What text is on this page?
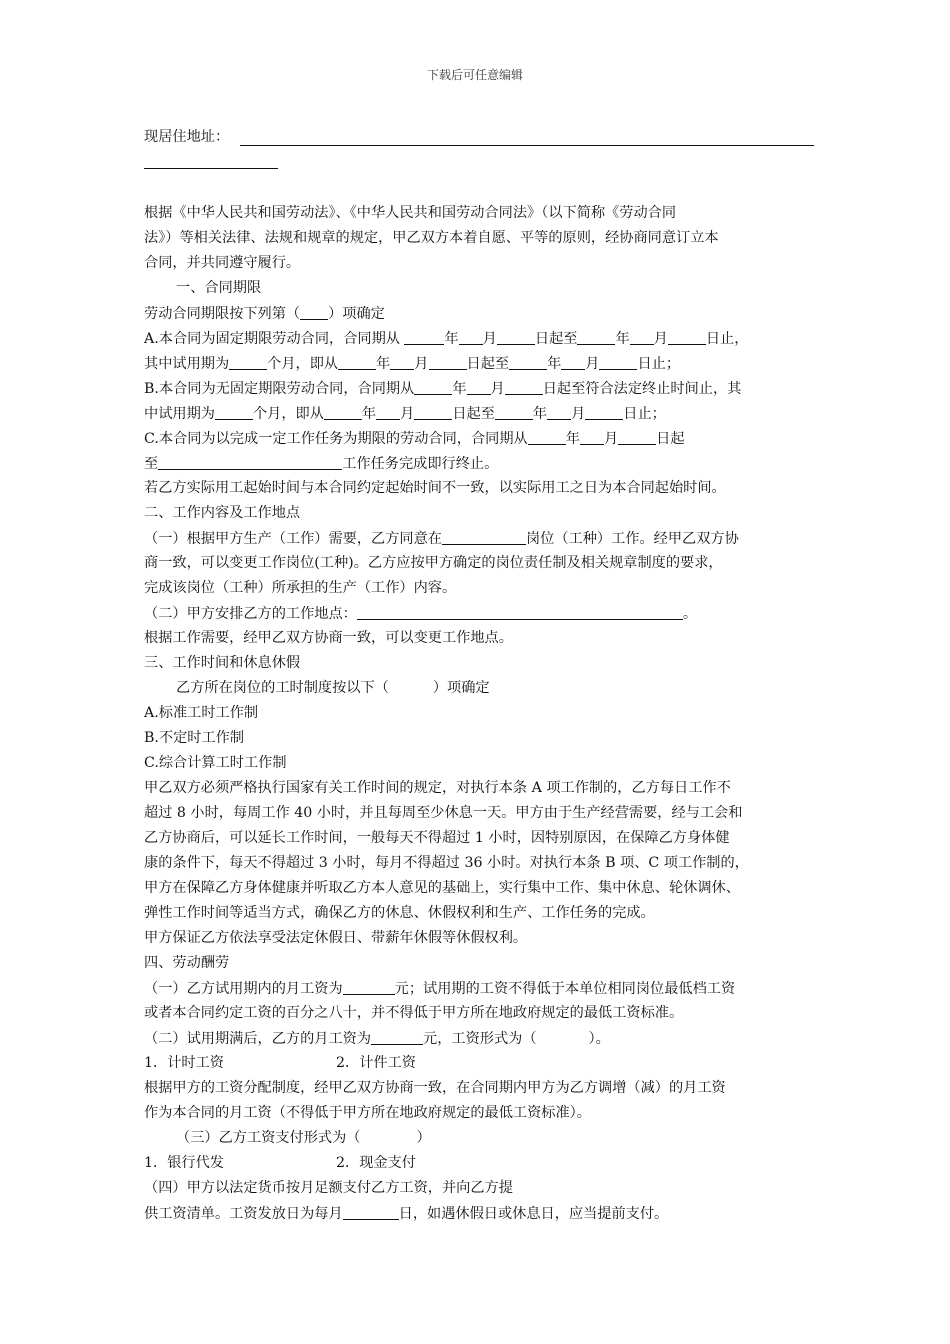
下载后可任意编辑
现居住地址：
根据《中华人民共和国劳动法》、《中华人民共和国劳动合同法》（以下简称《劳动合同
法》）等相关法律、法规和规章的规定，甲乙双方本着自愿、平等的原则，经协商同意订立本
合同，并共同遵守履行。
一、合同期限
劳动合同期限按下列第（ ）项确定
A.本合同为固定期限劳动合同，合同期从	年 月	日起至	年 月	日止，
其中试用期为	个月，即从	年 月	日起至	年 月	日止；
B.本合同为无固定期限劳动合同，合同期从	年 月	日起至符合法定终止时间止，其
中试用期为	个月，即从	年 月	日起至	年 月	日止；
C.本合同为以完成一定工作任务为期限的劳动合同，合同期从	年 月	日起
至	工作任务完成即行终止。
若乙方实际用工起始时间与本合同约定起始时间不一致，以实际用工之日为本合同起始时间。
二、工作内容及工作地点
（一）根据甲方生产（工作）需要，乙方同意在	岗位（工种）工作。经甲乙双方协
商一致，可以变更工作岗位(工种)。乙方应按甲方确定的岗位责任制及相关规章制度的要求，
完成该岗位（工种）所承担的生产（工作）内容。
（二）甲方安排乙方的工作地点：	。
根据工作需要，经甲乙双方协商一致，可以变更工作地点。
三、工作时间和休息休假
乙方所在岗位的工时制度按以下（	）项确定
A.标准工时工作制
B.不定时工作制
C.综合计算工时工作制
甲乙双方必须严格执行国家有关工作时间的规定，对执行本条 A 项工作制的，乙方每日工作不
超过 8 小时，每周工作 40 小时，并且每周至少休息一天。甲方由于生产经营需要，经与工会和
乙方协商后，可以延长工作时间，一般每天不得超过 1 小时，因特别原因，在保障乙方身体健
康的条件下，每天不得超过 3 小时，每月不得超过 36 小时。对执行本条 B 项、C 项工作制的，
甲方在保障乙方身体健康并听取乙方本人意见的基础上，实行集中工作、集中休息、轮休调休、
弹性工作时间等适当方式，确保乙方的休息、休假权利和生产、工作任务的完成。
甲方保证乙方依法享受法定休假日、带薪年休假等休假权利。
四、劳动酬劳
（一）乙方试用期内的月工资为	元；试用期的工资不得低于本单位相同岗位最低档工资
或者本合同约定工资的百分之八十，并不得低于甲方所在地政府规定的最低工资标准。
（二）试用期满后，乙方的月工资为	元，工资形式为（	）。
1．计时工资	2．计件工资
根据甲方的工资分配制度，经甲乙双方协商一致，在合同期内甲方为乙方调增（减）的月工资
作为本合同的月工资（不得低于甲方所在地政府规定的最低工资标准）。
（三）乙方工资支付形式为（	）
1．银行代发	2．现金支付
（四）甲方以法定货币按月足额支付乙方工资，并向乙方提
供工资清单。工资发放日为每月	日，如遇休假日或休息日，应当提前支付。
